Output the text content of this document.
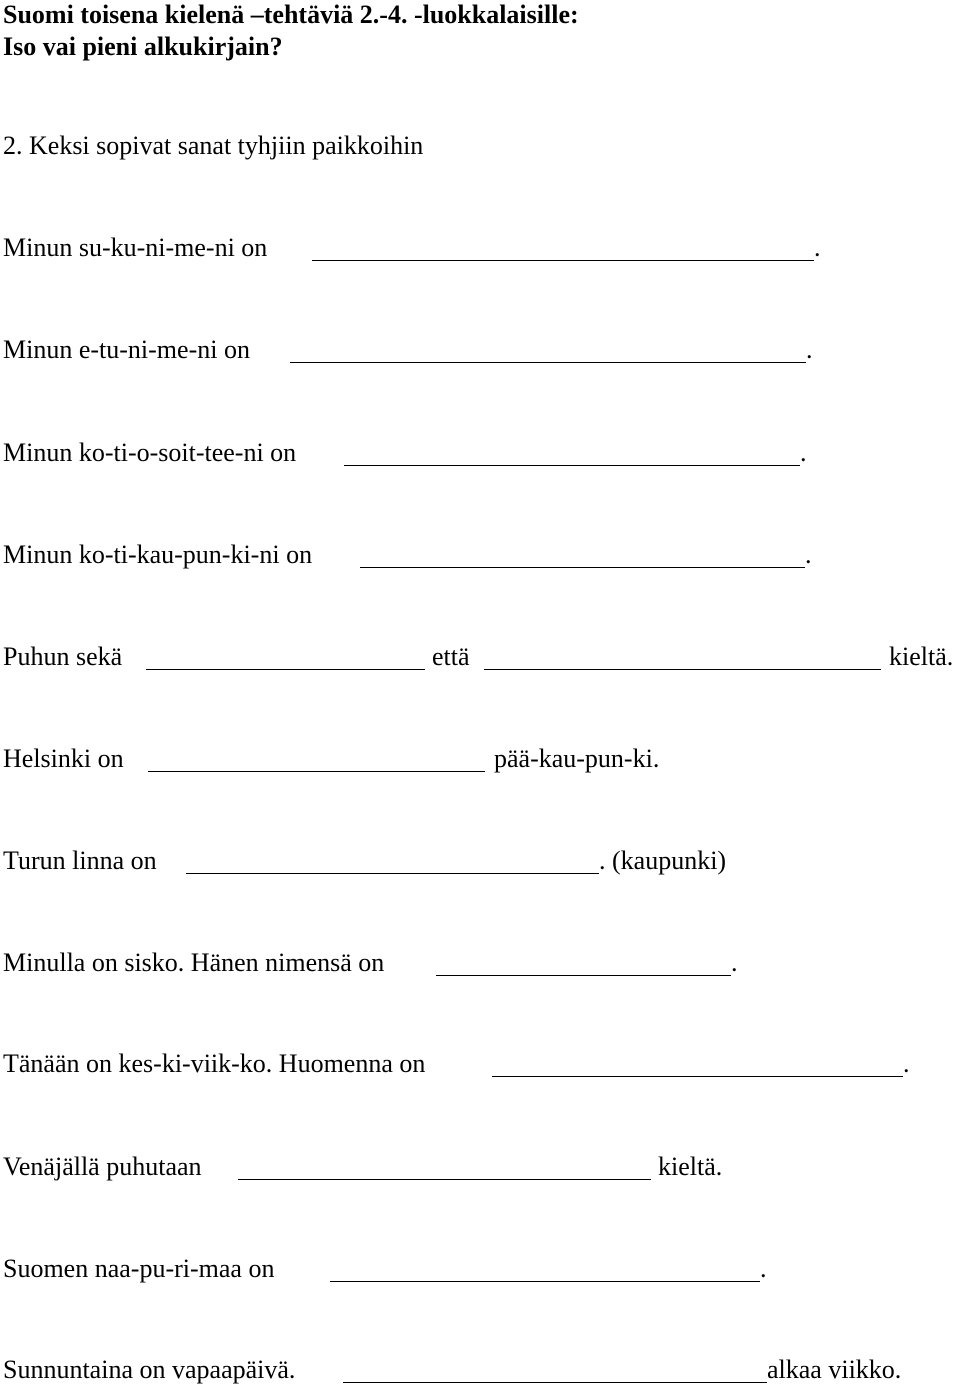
Suomi toisena kielenä –tehtäviä 2.-4. -luokkalaisille:
Iso vai pieni alkukirjain?
2. Keksi sopivat sanat tyhjiin paikkoihin
Minun su-ku-ni-me-ni on	.
Minun e-tu-ni-me-ni on	.
Minun ko-ti-o-soit-tee-ni on	.
Minun ko-ti-kau-pun-ki-ni on	.
Puhun sekä	että	kieltä.
Helsinki on	pää-kau-pun-ki.
Turun linna on	. (kaupunki)
Minulla on sisko. Hänen nimensä on	.
Tänään on kes-ki-viik-ko. Huomenna on	.
Venäjällä puhutaan	kieltä.
Suomen naa-pu-ri-maa on	.
Sunnuntaina on vapaapäivä.	alkaa viikko.
